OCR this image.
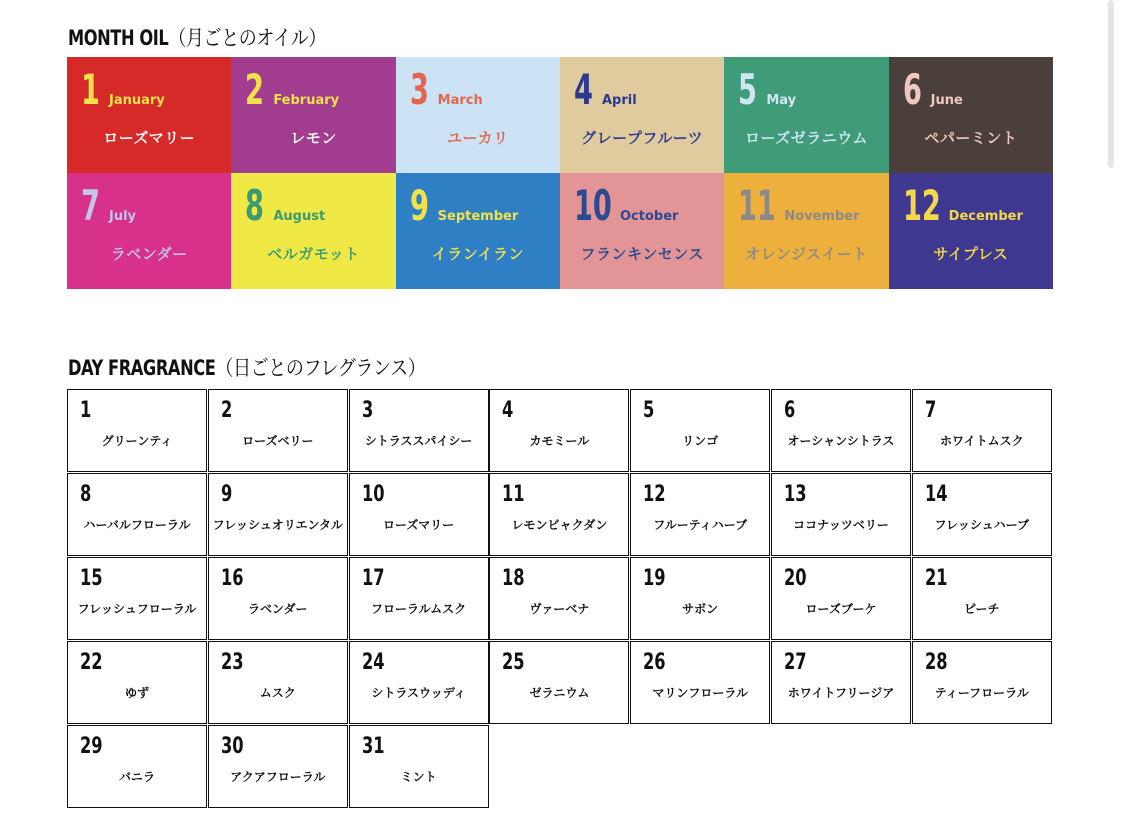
MONTH OIL（月ごとのオイル）
1 January
ローズマリー
2 February
レモン
3 March
ユーカリ
4 April
グレープフルーツ
5 May
ローズゼラニウム
6 June
ペパーミント
7 July
ラベンダー
8 August
ベルガモット
9 September
イランイラン
10 October
フランキンセンス
11 November
オレンジスイート
12 December
サイプレス
DAY FRAGRANCE（日ごとのフレグランス）
1
グリーンティ
2
ローズベリー
3
シトラススパイシー
4
カモミール
5
リンゴ
6
オーシャンシトラス
7
ホワイトムスク
8
ハーバルフローラル
9
フレッシュオリエンタル
10
ローズマリー
11
レモンビャクダン
12
フルーティハーブ
13
ココナッツベリー
14
フレッシュハーブ
15
フレッシュフローラル
16
ラベンダー
17
フローラルムスク
18
ヴァーベナ
19
サボン
20
ローズブーケ
21
ピーチ
22
ゆず
23
ムスク
24
シトラスウッディ
25
ゼラニウム
26
マリンフローラル
27
ホワイトフリージア
28
ティーフローラル
29
バニラ
30
アクアフローラル
31
ミント
